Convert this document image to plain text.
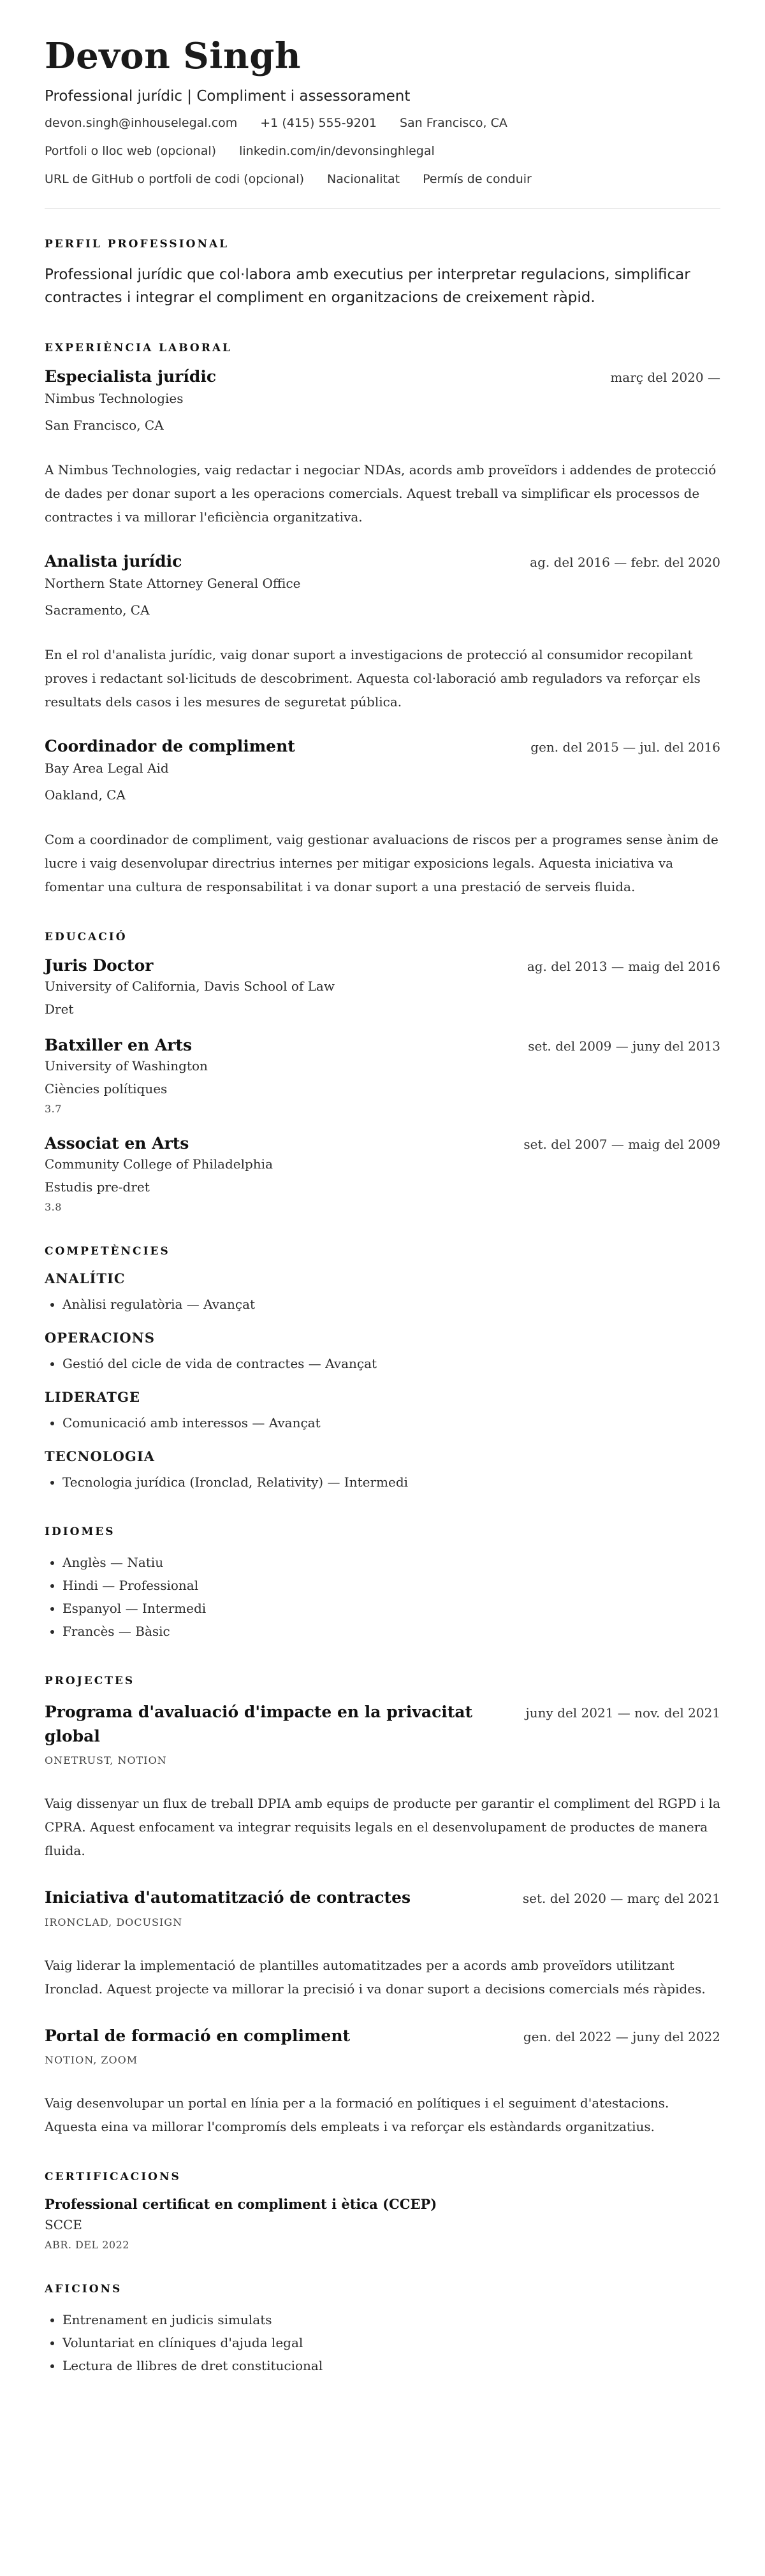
Devon Singh
Professional jurídic | Compliment i assessorament
devon.singh@inhouselegal.com +1 (415) 555-9201 San Francisco, CA
Portfoli o lloc web (opcional) linkedin.com/in/devonsinghlegal
URL de GitHub o portfoli de codi (opcional) Nacionalitat Permís de conduir
PERFIL PROFESSIONAL

Professional jurídic que col·labora amb executius per interpretar regulacions, simplificar contractes i integrar el compliment en organitzacions de creixement ràpid.

EXPERIÈNCIA LABORAL
Especialista jurídic	març del 2020 —
Nimbus Technologies
San Francisco, CA

A Nimbus Technologies, vaig redactar i negociar NDAs, acords amb proveïdors i addendes de protecció de dades per donar suport a les operacions comercials. Aquest treball va simplificar els processos de contractes i va millorar l'eficiència organitzativa.

Analista jurídic	ag. del 2016 — febr. del 2020
Northern State Attorney General Office
Sacramento, CA

En el rol d'analista jurídic, vaig donar suport a investigacions de protecció al consumidor recopilant proves i redactant sol·licituds de descobriment. Aquesta col·laboració amb reguladors va reforçar els resultats dels casos i les mesures de seguretat pública.

Coordinador de compliment	gen. del 2015 — jul. del 2016
Bay Area Legal Aid
Oakland, CA

Com a coordinador de compliment, vaig gestionar avaluacions de riscos per a programes sense ànim de lucre i vaig desenvolupar directrius internes per mitigar exposicions legals. Aquesta iniciativa va fomentar una cultura de responsabilitat i va donar suport a una prestació de serveis fluida.

EDUCACIÓ
Juris Doctor	ag. del 2013 — maig del 2016
University of California, Davis School of Law
Dret
Batxiller en Arts	set. del 2009 — juny del 2013
University of Washington
Ciències polítiques
3.7
Associat en Arts	set. del 2007 — maig del 2009
Community College of Philadelphia
Estudis pre-dret
3.8
COMPETÈNCIES
ANALÍTIC
• Anàlisi regulatòria — Avançat
OPERACIONS
• Gestió del cicle de vida de contractes — Avançat
LIDERATGE
• Comunicació amb interessos — Avançat
TECNOLOGIA
• Tecnologia jurídica (Ironclad, Relativity) — Intermedi
IDIOMES
• Anglès — Natiu
• Hindi — Professional
• Espanyol — Intermedi
• Francès — Bàsic
PROJECTES
Programa d'avaluació d'impacte en la privacitat global
juny del 2021 — nov. del 2021
ONETRUST, NOTION

Vaig dissenyar un flux de treball DPIA amb equips de producte per garantir el compliment del RGPD i la CPRA. Aquest enfocament va integrar requisits legals en el desenvolupament de productes de manera fluida.

Iniciativa d'automatització de contractes	set. del 2020 — març del 2021
IRONCLAD, DOCUSIGN

Vaig liderar la implementació de plantilles automatitzades per a acords amb proveïdors utilitzant Ironclad. Aquest projecte va millorar la precisió i va donar suport a decisions comercials més ràpides.

Portal de formació en compliment	gen. del 2022 — juny del 2022
NOTION, ZOOM

Vaig desenvolupar un portal en línia per a la formació en polítiques i el seguiment d'atestacions. Aquesta eina va millorar l'compromís dels empleats i va reforçar els estàndards organitzatius.

CERTIFICACIONS
Professional certificat en compliment i ètica (CCEP)
SCCE
ABR. DEL 2022
AFICIONS
• Entrenament en judicis simulats
• Voluntariat en clíniques d'ajuda legal
• Lectura de llibres de dret constitucional
